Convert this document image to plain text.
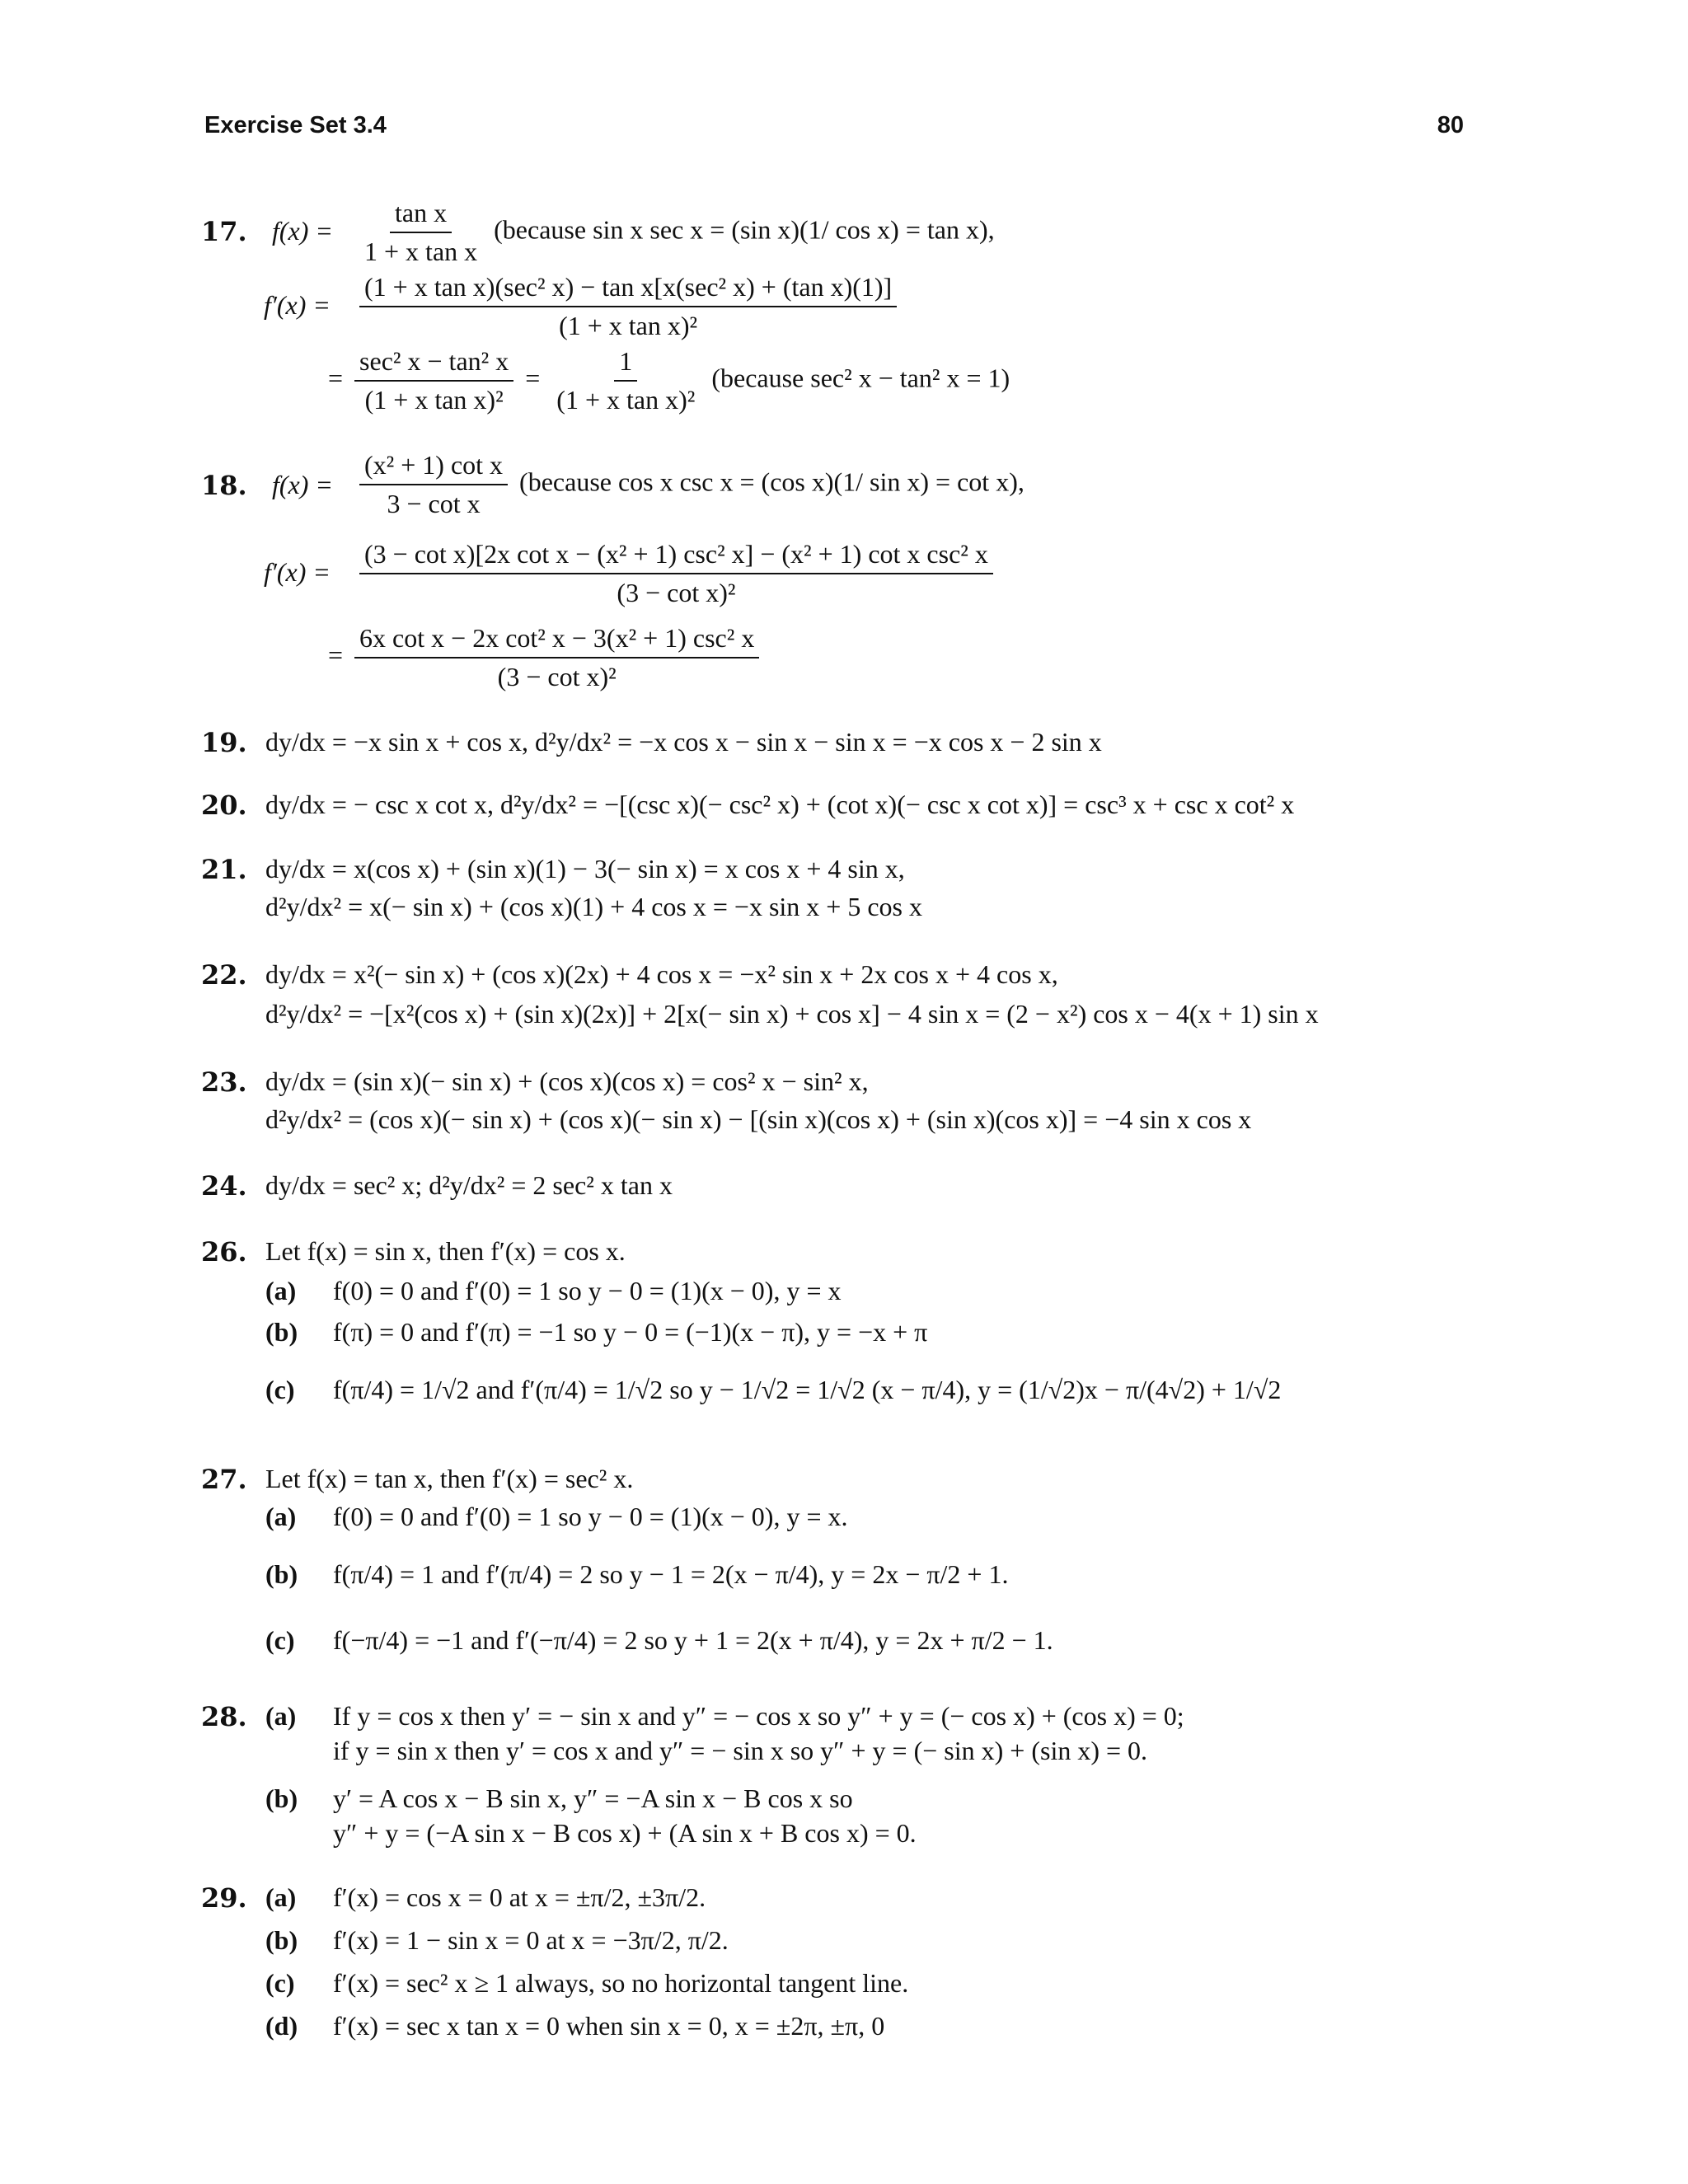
Exercise Set 3.4	80
17. $f(x) = \frac{\text{tan x}}{\text{1 + x tan x}}$ (because sin x sec x = (sin x)(1/ cos x) = tan x),
$f'(x) = \frac{\text{(1 + x tan x)(sec² x) − tan x[x(sec² x) + (tan x)(1)]}}{\text{(1 + x tan x)²}}$
= $\frac{\text{sec² x − tan² x}}{\text{(1 + x tan x)²}} = \frac{1}{\text{(1 + x tan x)²}}$ (because sec² x − tan² x = 1)
18. $f(x) = \frac{\text{(x² + 1) cot x}}{\text{3 − cot x}}$ (because cos x csc x = (cos x)(1/ sin x) = cot x),
f′(x) =
(3 − cot x)[2x cot x − (x² + 1) csc² x] − (x² + 1) cot x csc² x
(3 − cot x)²
= $\frac{\text{6x cot x − 2x cot² x − 3(x² + 1) csc² x}}{\text{(3 − cot x)²}}$
19. dy/dx = −x sin x + cos x, d²y/dx² = −x cos x − sin x − sin x = −x cos x − 2 sin x
20. dy/dx = − csc x cot x, d²y/dx² = −[(csc x)(− csc² x) + (cot x)(− csc x cot x)] = csc³ x + csc x cot² x
21. dy/dx = x(cos x) + (sin x)(1) − 3(− sin x) = x cos x + 4 sin x,
d²y/dx² = x(− sin x) + (cos x)(1) + 4 cos x = −x sin x + 5 cos x
22. dy/dx = x²(− sin x) + (cos x)(2x) + 4 cos x = −x² sin x + 2x cos x + 4 cos x,
d²y/dx² = −[x²(cos x) + (sin x)(2x)] + 2[x(− sin x) + cos x] − 4 sin x = (2 − x²) cos x − 4(x + 1) sin x
23. dy/dx = (sin x)(− sin x) + (cos x)(cos x) = cos² x − sin² x,
d²y/dx² = (cos x)(− sin x) + (cos x)(− sin x) − [(sin x)(cos x) + (sin x)(cos x)] = −4 sin x cos x
24. dy/dx = sec² x; d²y/dx² = 2 sec² x tan x
26. Let f(x) = sin x, then f′(x) = cos x.
(a) f(0) = 0 and f′(0) = 1 so y − 0 = (1)(x − 0), y = x
(b) f(π) = 0 and f′(π) = −1 so y − 0 = (−1)(x − π), y = −x + π
(c) f(π/4) = 1/√2 and f′(π/4) = 1/√2 so y − 1/√2 = 1/√2 (x − π/4), y = (1/√2)x − π/(4√2) + 1/√2
27. Let f(x) = tan x, then f′(x) = sec² x.
(a) f(0) = 0 and f′(0) = 1 so y − 0 = (1)(x − 0), y = x.
(b) f(π/4) = 1 and f′(π/4) = 2 so y − 1 = 2(x − π/4), y = 2x − π/2 + 1.
(c) f(−π/4) = −1 and f′(−π/4) = 2 so y + 1 = 2(x + π/4), y = 2x + π/2 − 1.
28. (a) If y = cos x then y′ = − sin x and y″ = − cos x so y″ + y = (− cos x) + (cos x) = 0;
if y = sin x then y′ = cos x and y″ = − sin x so y″ + y = (− sin x) + (sin x) = 0.
(b) y′ = A cos x − B sin x, y″ = −A sin x − B cos x so
y″ + y = (−A sin x − B cos x) + (A sin x + B cos x) = 0.
29. (a) f′(x) = cos x = 0 at x = ±π/2, ±3π/2.
(b) f′(x) = 1 − sin x = 0 at x = −3π/2, π/2.
(c) f′(x) = sec² x ≥ 1 always, so no horizontal tangent line.
(d) f′(x) = sec x tan x = 0 when sin x = 0, x = ±2π, ±π, 0
